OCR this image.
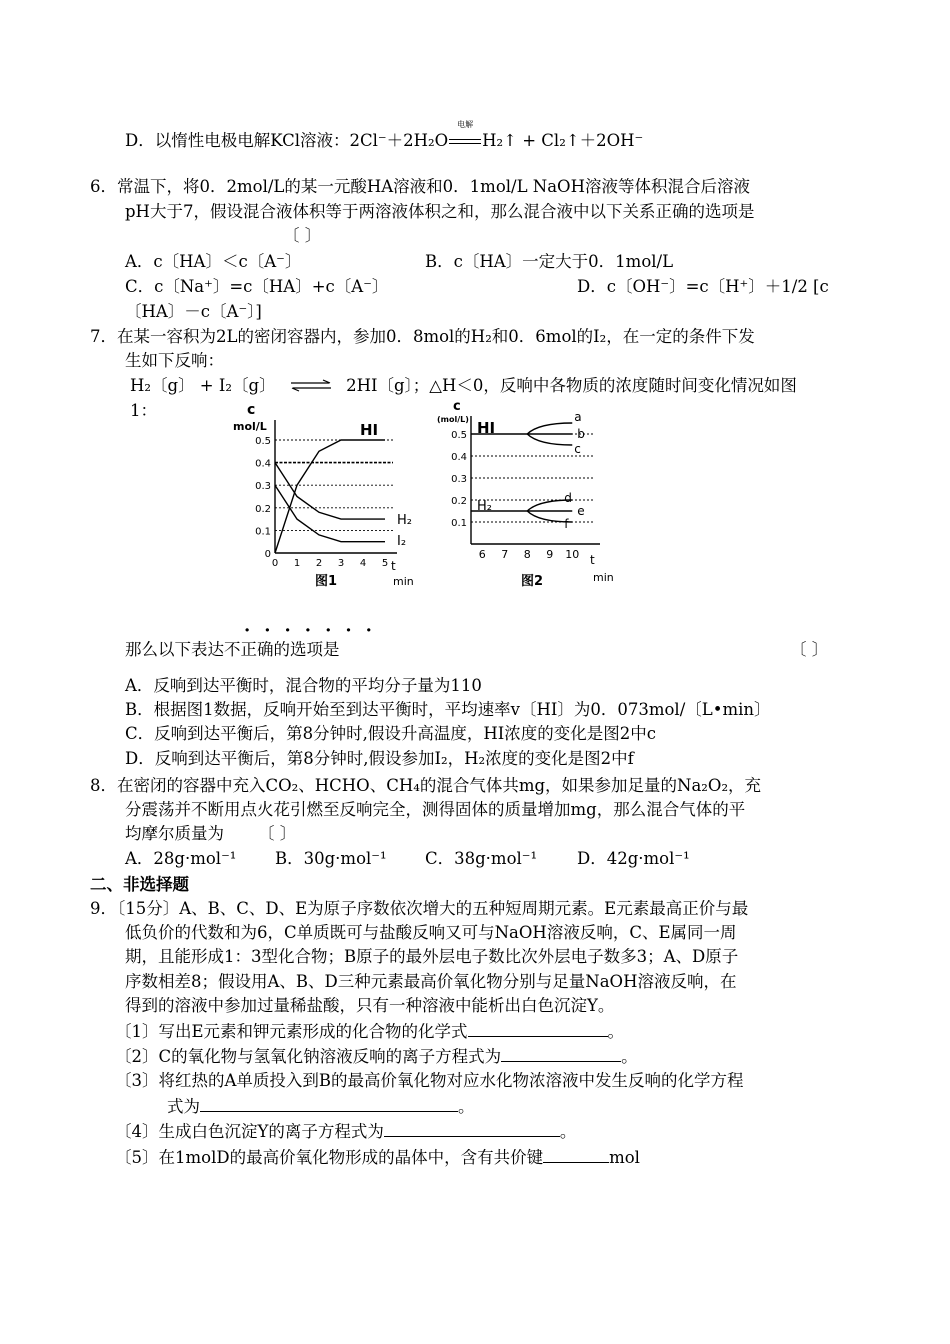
D．以惰性电极电解KCl溶液：2Cl⁻＋2H₂O
电解
H₂↑ + Cl₂↑＋2OH⁻
6．常温下，将0．2mol/L的某一元酸HA溶液和0．1mol/L NaOH溶液等体积混合后溶液
pH大于7，假设混合液体积等于两溶液体积之和，那么混合液中以下关系正确的选项是
〔 〕
A．c〔HA〕＜c〔A⁻〕	B．c〔HA〕一定大于0．1mol/L
C．c〔Na⁺〕=c〔HA〕+c〔A⁻〕	D．c〔OH⁻〕=c〔H⁺〕＋1/2 [c
〔HA〕－c〔A⁻〕]
7．在某一容积为2L的密闭容器内，参加0．8mol的H₂和0．6mol的I₂，在一定的条件下发
生如下反响：
H₂〔g〕 + I₂〔g〕 ⇌ 2HI〔g〕；△H＜0，反响中各物质的浓度随时间变化情况如图
1：	c
mol/L
0.5
0.4
0.3
0.2
0.1
0
0 1 2 3 4 5
HI
H₂
I₂
t
min
图1
c
(mol/L)
0.5
0.4
0.3
0.2
0.1
6 7 8 9 10
HI
H₂
a
b
c
d
e
f
t
min
图2
·······
那么以下表达不正确的选项是	〔 〕
A．反响到达平衡时，混合物的平均分子量为110
B．根据图1数据，反响开始至到达平衡时，平均速率v〔HI〕为0．073mol/〔L•min〕
C．反响到达平衡后，第8分钟时,假设升高温度，HI浓度的变化是图2中c
D．反响到达平衡后，第8分钟时,假设参加I₂，H₂浓度的变化是图2中f
8．在密闭的容器中充入CO₂、HCHO、CH₄的混合气体共mg，如果参加足量的Na₂O₂，充
分震荡并不断用点火花引燃至反响完全，测得固体的质量增加mg，那么混合气体的平
均摩尔质量为 〔 〕
A．28g·mol⁻¹ B．30g·mol⁻¹ C．38g·mol⁻¹ D．42g·mol⁻¹
二、非选择题
9．〔15分〕A、B、C、D、E为原子序数依次增大的五种短周期元素。E元素最高正价与最
低负价的代数和为6，C单质既可与盐酸反响又可与NaOH溶液反响，C、E属同一周
期，且能形成1：3型化合物；B原子的最外层电子数比次外层电子数多3；A、D原子
序数相差8；假设用A、B、D三种元素最高价氧化物分别与足量NaOH溶液反响，在
得到的溶液中参加过量稀盐酸，只有一种溶液中能析出白色沉淀Y。
〔1〕写出E元素和钾元素形成的化合物的化学式	。
〔2〕C的氧化物与氢氧化钠溶液反响的离子方程式为	。
〔3〕将红热的A单质投入到B的最高价氧化物对应水化物浓溶液中发生反响的化学方程
式为	。
〔4〕生成白色沉淀Y的离子方程式为	。
〔5〕在1molD的最高价氧化物形成的晶体中，含有共价键	mol
